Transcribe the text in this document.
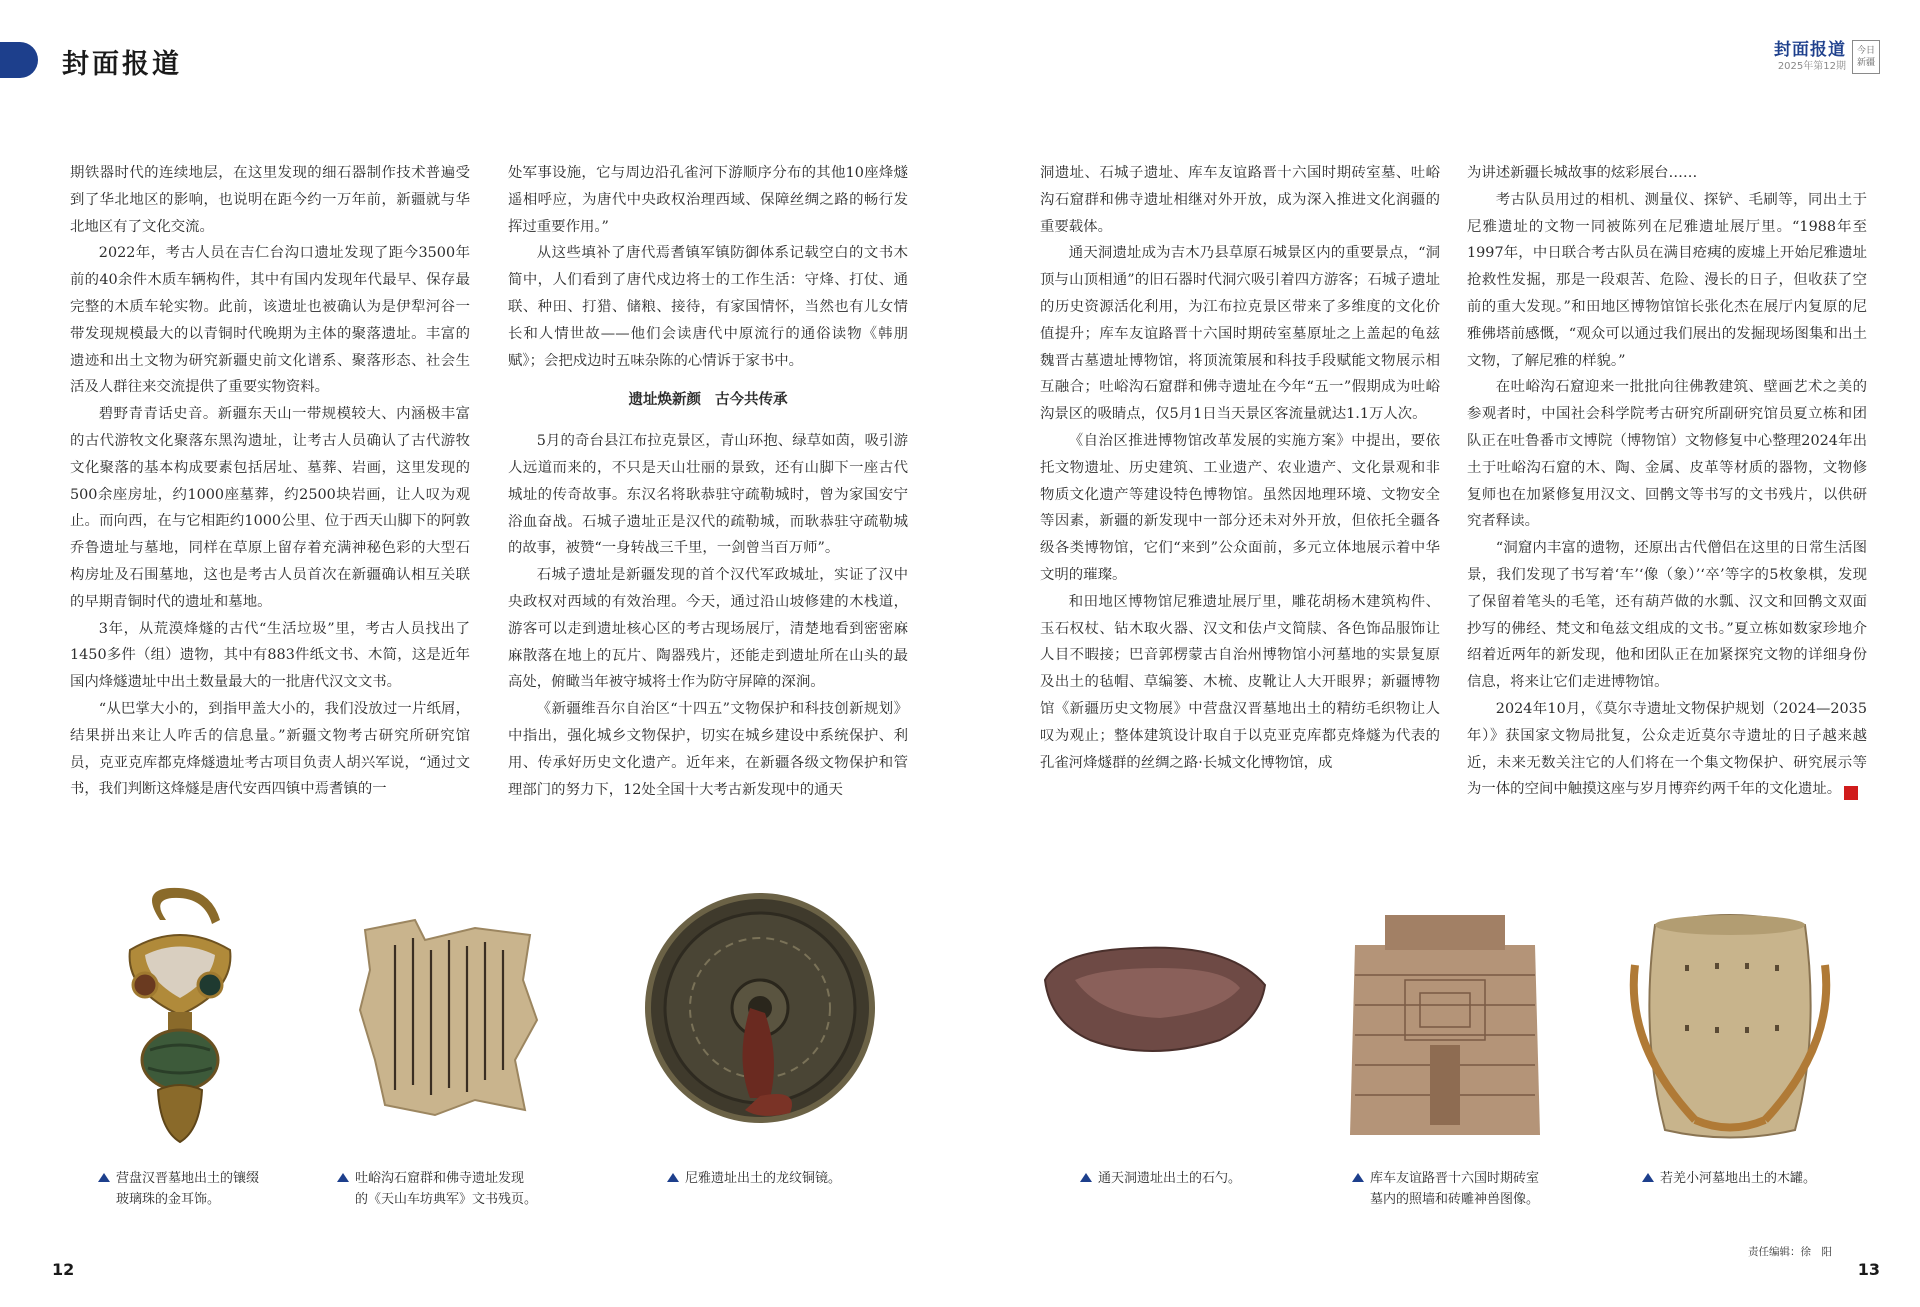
封面报道	封面报道
2025年第12期
今日
新疆

期铁器时代的连续地层，在这里发现的细石器制作技术普遍受到了华北地区的影响，也说明在距今约一万年前，新疆就与华北地区有了文化交流。

2022年，考古人员在吉仁台沟口遗址发现了距今3500年前的40余件木质车辆构件，其中有国内发现年代最早、保存最完整的木质车轮实物。此前，该遗址也被确认为是伊犁河谷一带发现规模最大的以青铜时代晚期为主体的聚落遗址。丰富的遗迹和出土文物为研究新疆史前文化谱系、聚落形态、社会生活及人群往来交流提供了重要实物资料。

碧野青青话史音。新疆东天山一带规模较大、内涵极丰富的古代游牧文化聚落东黑沟遗址，让考古人员确认了古代游牧文化聚落的基本构成要素包括居址、墓葬、岩画，这里发现的500余座房址，约1000座墓葬，约2500块岩画，让人叹为观止。而向西，在与它相距约1000公里、位于西天山脚下的阿敦乔鲁遗址与墓地，同样在草原上留存着充满神秘色彩的大型石构房址及石围墓地，这也是考古人员首次在新疆确认相互关联的早期青铜时代的遗址和墓地。

3年，从荒漠烽燧的古代“生活垃圾”里，考古人员找出了1450多件（组）遗物，其中有883件纸文书、木简，这是近年国内烽燧遗址中出土数量最大的一批唐代汉文文书。

“从巴掌大小的，到指甲盖大小的，我们没放过一片纸屑，结果拼出来让人咋舌的信息量。”新疆文物考古研究所研究馆员，克亚克库都克烽燧遗址考古项目负责人胡兴军说，“通过文书，我们判断这烽燧是唐代安西四镇中焉耆镇的一

处军事设施，它与周边沿孔雀河下游顺序分布的其他10座烽燧遥相呼应，为唐代中央政权治理西域、保障丝绸之路的畅行发挥过重要作用。”

从这些填补了唐代焉耆镇军镇防御体系记载空白的文书木简中，人们看到了唐代戍边将士的工作生活：守烽、打仗、通联、种田、打猎、储粮、接待，有家国情怀，当然也有儿女情长和人情世故——他们会读唐代中原流行的通俗读物《韩朋赋》；会把戍边时五味杂陈的心情诉于家书中。

遗址焕新颜 古今共传承

5月的奇台县江布拉克景区，青山环抱、绿草如茵，吸引游人远道而来的，不只是天山壮丽的景致，还有山脚下一座古代城址的传奇故事。东汉名将耿恭驻守疏勒城时，曾为家国安宁浴血奋战。石城子遗址正是汉代的疏勒城，而耿恭驻守疏勒城的故事，被赞“一身转战三千里，一剑曾当百万师”。

石城子遗址是新疆发现的首个汉代军政城址，实证了汉中央政权对西域的有效治理。今天，通过沿山坡修建的木栈道，游客可以走到遗址核心区的考古现场展厅，清楚地看到密密麻麻散落在地上的瓦片、陶器残片，还能走到遗址所在山头的最高处，俯瞰当年被守城将士作为防守屏障的深涧。

《新疆维吾尔自治区“十四五”文物保护和科技创新规划》中指出，强化城乡文物保护，切实在城乡建设中系统保护、利用、传承好历史文化遗产。近年来，在新疆各级文物保护和管理部门的努力下，12处全国十大考古新发现中的通天

洞遗址、石城子遗址、库车友谊路晋十六国时期砖室墓、吐峪沟石窟群和佛寺遗址相继对外开放，成为深入推进文化润疆的重要载体。

通天洞遗址成为吉木乃县草原石城景区内的重要景点，“洞顶与山顶相通”的旧石器时代洞穴吸引着四方游客；石城子遗址的历史资源活化利用，为江布拉克景区带来了多维度的文化价值提升；库车友谊路晋十六国时期砖室墓原址之上盖起的龟兹魏晋古墓遗址博物馆，将顶流策展和科技手段赋能文物展示相互融合；吐峪沟石窟群和佛寺遗址在今年“五一”假期成为吐峪沟景区的吸睛点，仅5月1日当天景区客流量就达1.1万人次。

《自治区推进博物馆改革发展的实施方案》中提出，要依托文物遗址、历史建筑、工业遗产、农业遗产、文化景观和非物质文化遗产等建设特色博物馆。虽然因地理环境、文物安全等因素，新疆的新发现中一部分还未对外开放，但依托全疆各级各类博物馆，它们“来到”公众面前，多元立体地展示着中华文明的璀璨。

和田地区博物馆尼雅遗址展厅里，雕花胡杨木建筑构件、玉石权杖、钻木取火器、汉文和佉卢文简牍、各色饰品服饰让人目不暇接；巴音郭楞蒙古自治州博物馆小河墓地的实景复原及出土的毡帽、草编篓、木梳、皮靴让人大开眼界；新疆博物馆《新疆历史文物展》中营盘汉晋墓地出土的精纺毛织物让人叹为观止；整体建筑设计取自于以克亚克库都克烽燧为代表的孔雀河烽燧群的丝绸之路·长城文化博物馆，成

为讲述新疆长城故事的炫彩展台……

考古队员用过的相机、测量仪、探铲、毛刷等，同出土于尼雅遗址的文物一同被陈列在尼雅遗址展厅里。“1988年至1997年，中日联合考古队员在满目疮痍的废墟上开始尼雅遗址抢救性发掘，那是一段艰苦、危险、漫长的日子，但收获了空前的重大发现。”和田地区博物馆馆长张化杰在展厅内复原的尼雅佛塔前感慨，“观众可以通过我们展出的发掘现场图集和出土文物，了解尼雅的样貌。”

在吐峪沟石窟迎来一批批向往佛教建筑、壁画艺术之美的参观者时，中国社会科学院考古研究所副研究馆员夏立栋和团队正在吐鲁番市文博院（博物馆）文物修复中心整理2024年出土于吐峪沟石窟的木、陶、金属、皮革等材质的器物，文物修复师也在加紧修复用汉文、回鹘文等书写的文书残片，以供研究者释读。

“洞窟内丰富的遗物，还原出古代僧侣在这里的日常生活图景，我们发现了书写着‘车’‘像（象）’‘卒’等字的5枚象棋，发现了保留着笔头的毛笔，还有葫芦做的水瓢、汉文和回鹘文双面抄写的佛经、梵文和龟兹文组成的文书。”夏立栋如数家珍地介绍着近两年的新发现，他和团队正在加紧探究文物的详细身份信息，将来让它们走进博物馆。

2024年10月，《莫尔寺遗址文物保护规划（2024—2035年）》获国家文物局批复，公众走近莫尔寺遗址的日子越来越近，未来无数关注它的人们将在一个集文物保护、研究展示等为一体的空间中触摸这座与岁月博弈约两千年的文化遗址。	J

营盘汉晋墓地出土的镶缀
玻璃珠的金耳饰。
吐峪沟石窟群和佛寺遗址发现
的《天山车坊典军》文书残页。
尼雅遗址出土的龙纹铜镜。	通天洞遗址出土的石勺。	库车友谊路晋十六国时期砖室
墓内的照墙和砖雕神兽图像。
若羌小河墓地出土的木罐。
12
责任编辑：徐　阳
13
